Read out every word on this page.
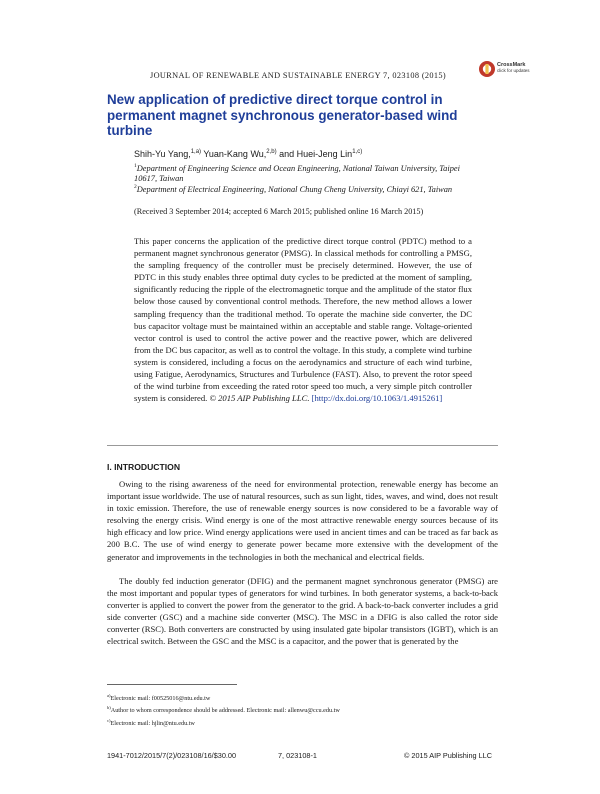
JOURNAL OF RENEWABLE AND SUSTAINABLE ENERGY 7, 023108 (2015)
CrossMark
click for updates
New application of predictive direct torque control in permanent magnet synchronous generator-based wind turbine
Shih-Yu Yang,$^{1,a)}$ Yuan-Kang Wu,$^{2,b)}$ and Huei-Jeng Lin$^{1,c)}$
$^1$Department of Engineering Science and Ocean Engineering, National Taiwan University, Taipei 10617, Taiwan
$^2$Department of Electrical Engineering, National Chung Cheng University, Chiayi 621, Taiwan
(Received 3 September 2014; accepted 6 March 2015; published online 16 March 2015)
This paper concerns the application of the predictive direct torque control (PDTC) method to a permanent magnet synchronous generator (PMSG). In classical methods for controlling a PMSG, the sampling frequency of the controller must be precisely determined. However, the use of PDTC in this study enables three optimal duty cycles to be predicted at the moment of sampling, significantly reducing the ripple of the electromagnetic torque and the amplitude of the stator flux below those caused by conventional control methods. Therefore, the new method allows a lower sampling frequency than the traditional method. To operate the machine side converter, the DC bus capacitor voltage must be maintained within an acceptable and stable range. Voltage-oriented vector control is used to control the active power and the reactive power, which are delivered from the DC bus capacitor, as well as to control the voltage. In this study, a complete wind turbine system is considered, including a focus on the aerodynamics and structure of each wind turbine, using Fatigue, Aerodynamics, Structures and Turbulence (FAST). Also, to prevent the rotor speed of the wind turbine from exceeding the rated rotor speed too much, a very simple pitch controller system is considered. © 2015 AIP Publishing LLC. [http://dx.doi.org/10.1063/1.4915261]
I. INTRODUCTION
Owing to the rising awareness of the need for environmental protection, renewable energy has become an important issue worldwide. The use of natural resources, such as sun light, tides, waves, and wind, does not result in toxic emission. Therefore, the use of renewable energy sources is now considered to be a favorable way of resolving the energy crisis. Wind energy is one of the most attractive renewable energy sources because of its high efficacy and low price. Wind energy applications were used in ancient times and can be traced as far back as 200 B.C. The use of wind energy to generate power became more extensive with the development of the generator and improvements in the technologies in both the mechanical and electrical fields.
The doubly fed induction generator (DFIG) and the permanent magnet synchronous generator (PMSG) are the most important and popular types of generators for wind turbines. In both generator systems, a back-to-back converter is applied to convert the power from the generator to the grid. A back-to-back converter includes a grid side converter (GSC) and a machine side converter (MSC). The MSC in a DFIG is also called the rotor side converter (RSC). Both converters are constructed by using insulated gate bipolar transistors (IGBT), which is an electrical switch. Between the GSC and the MSC is a capacitor, and the power that is generated by the
$^{a)}$Electronic mail: f00525016@ntu.edu.tw
$^{b)}$Author to whom correspondence should be addressed. Electronic mail: allenwu@ccu.edu.tw
$^{c)}$Electronic mail: hjlin@ntu.edu.tw
1941-7012/2015/7(2)/023108/16/$30.00	7, 023108-1	© 2015 AIP Publishing LLC
